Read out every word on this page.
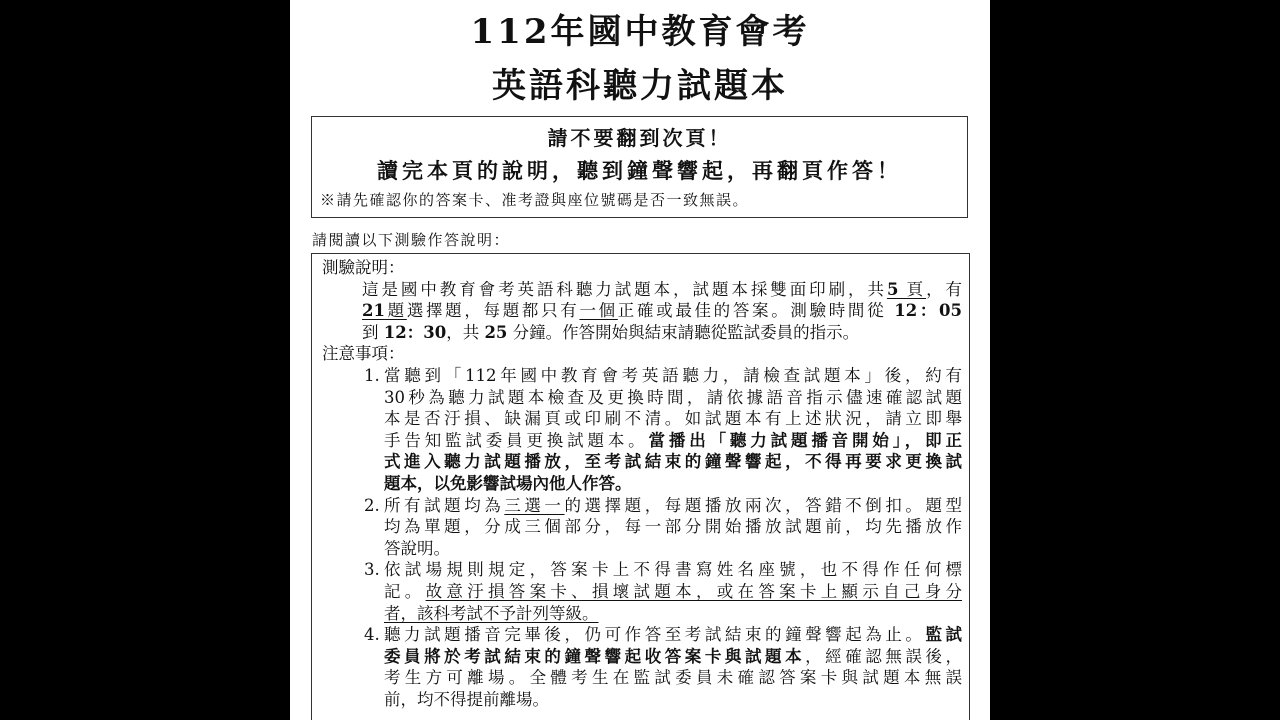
112年國中教育會考
英語科聽力試題本
請不要翻到次頁！
讀完本頁的說明，聽到鐘聲響起，再翻頁作答！
※請先確認你的答案卡、准考證與座位號碼是否一致無誤。
請閱讀以下測驗作答說明：
測驗說明：
這是國中教育會考英語科聽力試題本，試題本採雙面印刷，共5 頁，有
21題選擇題，每題都只有一個正確或最佳的答案。測驗時間從 12：05
到 12：30，共 25 分鐘。作答開始與結束請聽從監試委員的指示。
注意事項：
當聽到「112年國中教育會考英語聽力，請檢查試題本」後，約有
1.
30秒為聽力試題本檢查及更換時間，請依據語音指示儘速確認試題
本是否汙損、缺漏頁或印刷不清。如試題本有上述狀況，請立即舉
手告知監試委員更換試題本。當播出「聽力試題播音開始」，即正
式進入聽力試題播放，至考試結束的鐘聲響起，不得再要求更換試
題本，以免影響試場內他人作答。
所有試題均為三選一的選擇題，每題播放兩次，答錯不倒扣。題型
2.
均為單題，分成三個部分，每一部分開始播放試題前，均先播放作
答說明。
依試場規則規定，答案卡上不得書寫姓名座號，也不得作任何標
3.
記。故意汙損答案卡、損壞試題本，或在答案卡上顯示自己身分
者，該科考試不予計列等級。
聽力試題播音完畢後，仍可作答至考試結束的鐘聲響起為止。監試
4.
委員將於考試結束的鐘聲響起收答案卡與試題本，經確認無誤後，
考生方可離場。全體考生在監試委員未確認答案卡與試題本無誤
前，均不得提前離場。
